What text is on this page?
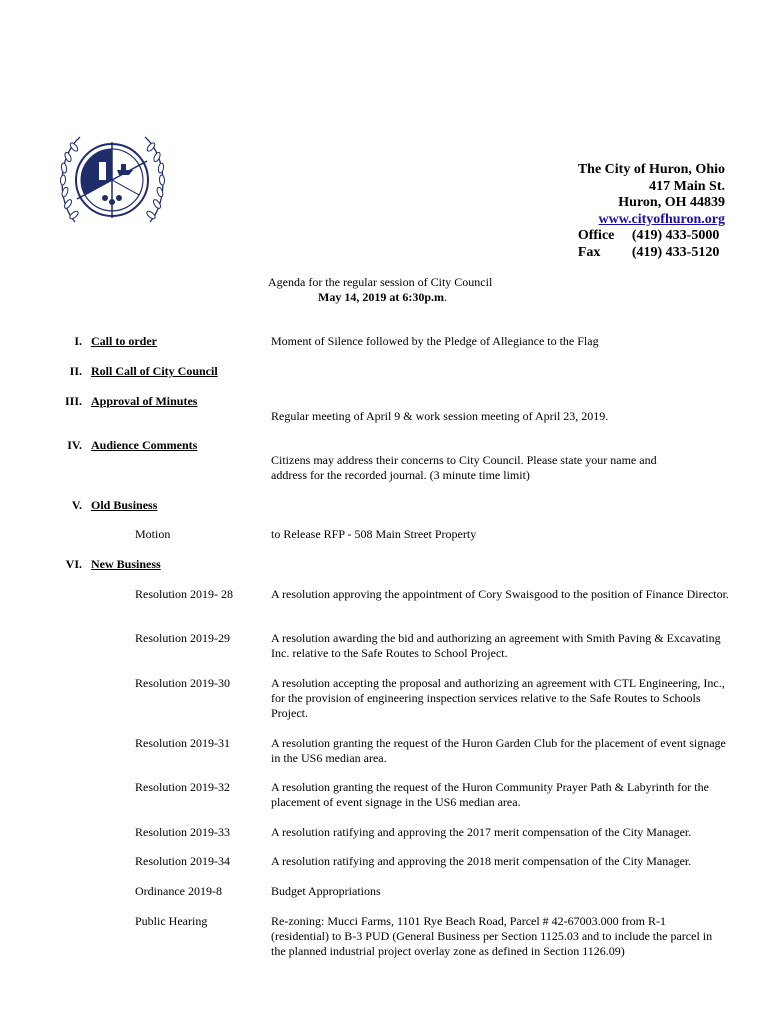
The City of Huron, Ohio
417 Main St.
Huron, OH 44839
www.cityofhuron.org
Office	(419) 433-5000
Fax	(419) 433-5120
Agenda for the regular session of City Council
May 14, 2019 at 6:30p.m.
I. Call to order	Moment of Silence followed by the Pledge of Allegiance to the Flag
II. Roll Call of City Council
III. Approval of Minutes
Regular meeting of April 9 & work session meeting of April 23, 2019.
IV. Audience Comments
Citizens may address their concerns to City Council. Please state your name and address for the recorded journal. (3 minute time limit)
V. Old Business
Motion	to Release RFP - 508 Main Street Property
VI. New Business
Resolution 2019- 28	A resolution approving the appointment of Cory Swaisgood to the position of Finance Director.
Resolution 2019-29	A resolution awarding the bid and authorizing an agreement with Smith Paving & Excavating Inc. relative to the Safe Routes to School Project.
Resolution 2019-30	A resolution accepting the proposal and authorizing an agreement with CTL Engineering, Inc., for the provision of engineering inspection services relative to the Safe Routes to Schools Project.
Resolution 2019-31	A resolution granting the request of the Huron Garden Club for the placement of event signage in the US6 median area.
Resolution 2019-32	A resolution granting the request of the Huron Community Prayer Path & Labyrinth for the placement of event signage in the US6 median area.
Resolution 2019-33	A resolution ratifying and approving the 2017 merit compensation of the City Manager.
Resolution 2019-34	A resolution ratifying and approving the 2018 merit compensation of the City Manager.
Ordinance 2019-8	Budget Appropriations
Public Hearing	Re-zoning: Mucci Farms, 1101 Rye Beach Road, Parcel # 42-67003.000 from R-1 (residential) to B-3 PUD (General Business per Section 1125.03 and to include the parcel in the planned industrial project overlay zone as defined in Section 1126.09)
